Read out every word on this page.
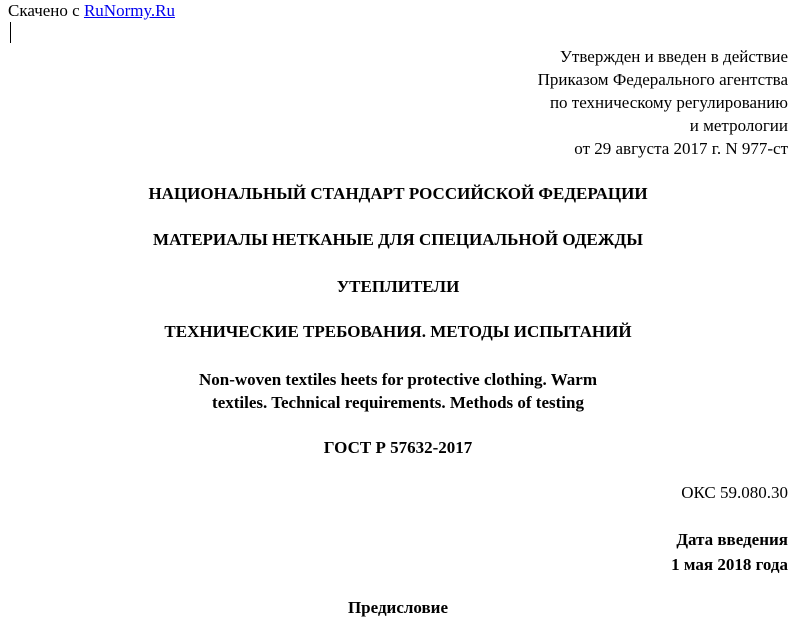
Скачено с RuNormy.Ru
Утвержден и введен в действие
Приказом Федерального агентства
по техническому регулированию
и метрологии
от 29 августа 2017 г. N 977-ст
НАЦИОНАЛЬНЫЙ СТАНДАРТ РОССИЙСКОЙ ФЕДЕРАЦИИ
МАТЕРИАЛЫ НЕТКАНЫЕ ДЛЯ СПЕЦИАЛЬНОЙ ОДЕЖДЫ
УТЕПЛИТЕЛИ
ТЕХНИЧЕСКИЕ ТРЕБОВАНИЯ. МЕТОДЫ ИСПЫТАНИЙ
Non-woven textiles heets for protective clothing. Warm
textiles. Technical requirements. Methods of testing
ГОСТ Р 57632-2017
ОКС 59.080.30
Дата введения
1 мая 2018 года
Предисловие
